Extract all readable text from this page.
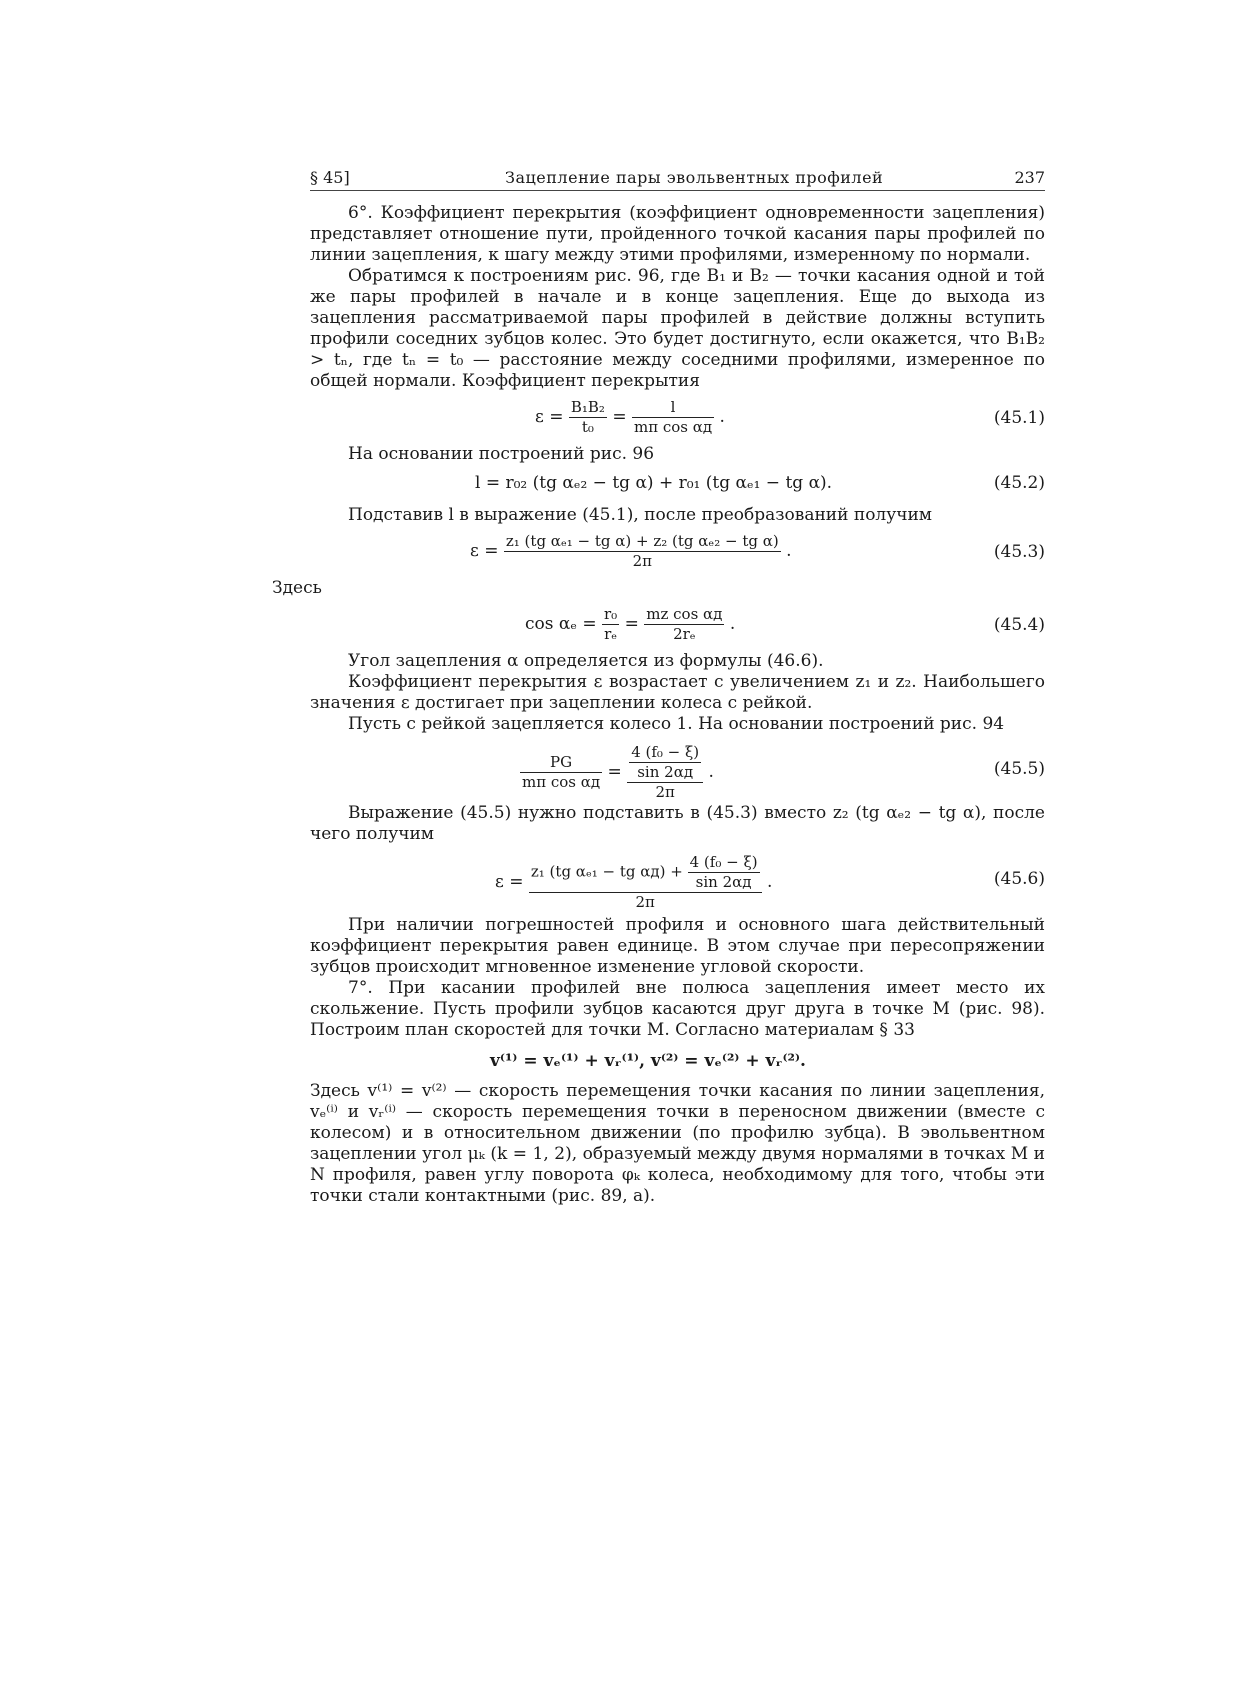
§ 45]	Зацепление пары эвольвентных профилей	237

6°. Коэффициент перекрытия (коэффициент одновременности зацепления) представляет отношение пути, пройденного точкой касания пары профилей по линии зацепления, к шагу между этими профилями, измеренному по нормали.

Обратимся к построениям рис. 96, где B₁ и B₂ — точки касания одной и той же пары профилей в начале и в конце зацепления. Еще до выхода из зацепления рассматриваемой пары профилей в действие должны вступить профили соседних зубцов колес. Это будет достигнуто, если окажется, что B₁B₂ > tₙ, где tₙ = t₀ — расстояние между соседними профилями, измеренное по общей нормали. Коэффициент перекрытия

$\varepsilon = \frac{\text{B₁B₂}}{\text{t₀}} = \frac{l}{\text{mπ cos αд}}$ .	(45.1)

На основании построений рис. 96

l = r₀₂ (tg αₑ₂ − tg α) + r₀₁ (tg αₑ₁ − tg α).	(45.2)

Подставив l в выражение (45.1), после преобразований получим

$\varepsilon = \frac{\text{z₁ (tg αₑ₁ − tg α) + z₂ (tg αₑ₂ − tg α)}}{2\pi}$ .	(45.3)

Здесь

$\cos \alpha_e = \frac{\text{r₀}}{\text{rₑ}} = \frac{\text{mz cos αд}}{\text{2rₑ}}$ .	(45.4)

Угол зацепления α определяется из формулы (46.6).

Коэффициент перекрытия ε возрастает с увеличением z₁ и z₂. Наибольшего значения ε достигает при зацеплении колеса с рейкой.

Пусть с рейкой зацепляется колесо 1. На основании построений рис. 94

$\frac{PG}{\text{mπ cos αд}} = \frac{\frac{\text{4 (f₀ − ξ)}}{\sin 2\alpha д}}{2\pi}$ .	(45.5)

Выражение (45.5) нужно подставить в (45.3) вместо z₂ (tg αₑ₂ − tg α), после чего получим

$\varepsilon = \frac{z_1 (tg \alpha_{e1} - tg \alpha д) + \frac{\text{4 (f₀ − ξ)}}{\sin 2\alpha д}}{2\pi}$ .	(45.6)

При наличии погрешностей профиля и основного шага действительный коэффициент перекрытия равен единице. В этом случае при пересопряжении зубцов происходит мгновенное изменение угловой скорости.

7°. При касании профилей вне полюса зацепления имеет место их скольжение. Пусть профили зубцов касаются друг друга в точке M (рис. 98). Построим план скоростей для точки M. Согласно материалам § 33

v⁽¹⁾ = vₑ⁽¹⁾ + vᵣ⁽¹⁾, v⁽²⁾ = vₑ⁽²⁾ + vᵣ⁽²⁾.

Здесь v⁽¹⁾ = v⁽²⁾ — скорость перемещения точки касания по линии зацепления, vₑ⁽ⁱ⁾ и vᵣ⁽ⁱ⁾ — скорость перемещения точки в переносном движении (вместе с колесом) и в относительном движении (по профилю зубца). В эвольвентном зацеплении угол μₖ (k = 1, 2), образуемый между двумя нормалями в точках M и N профиля, равен углу поворота φₖ колеса, необходимому для того, чтобы эти точки стали контактными (рис. 89, a).
